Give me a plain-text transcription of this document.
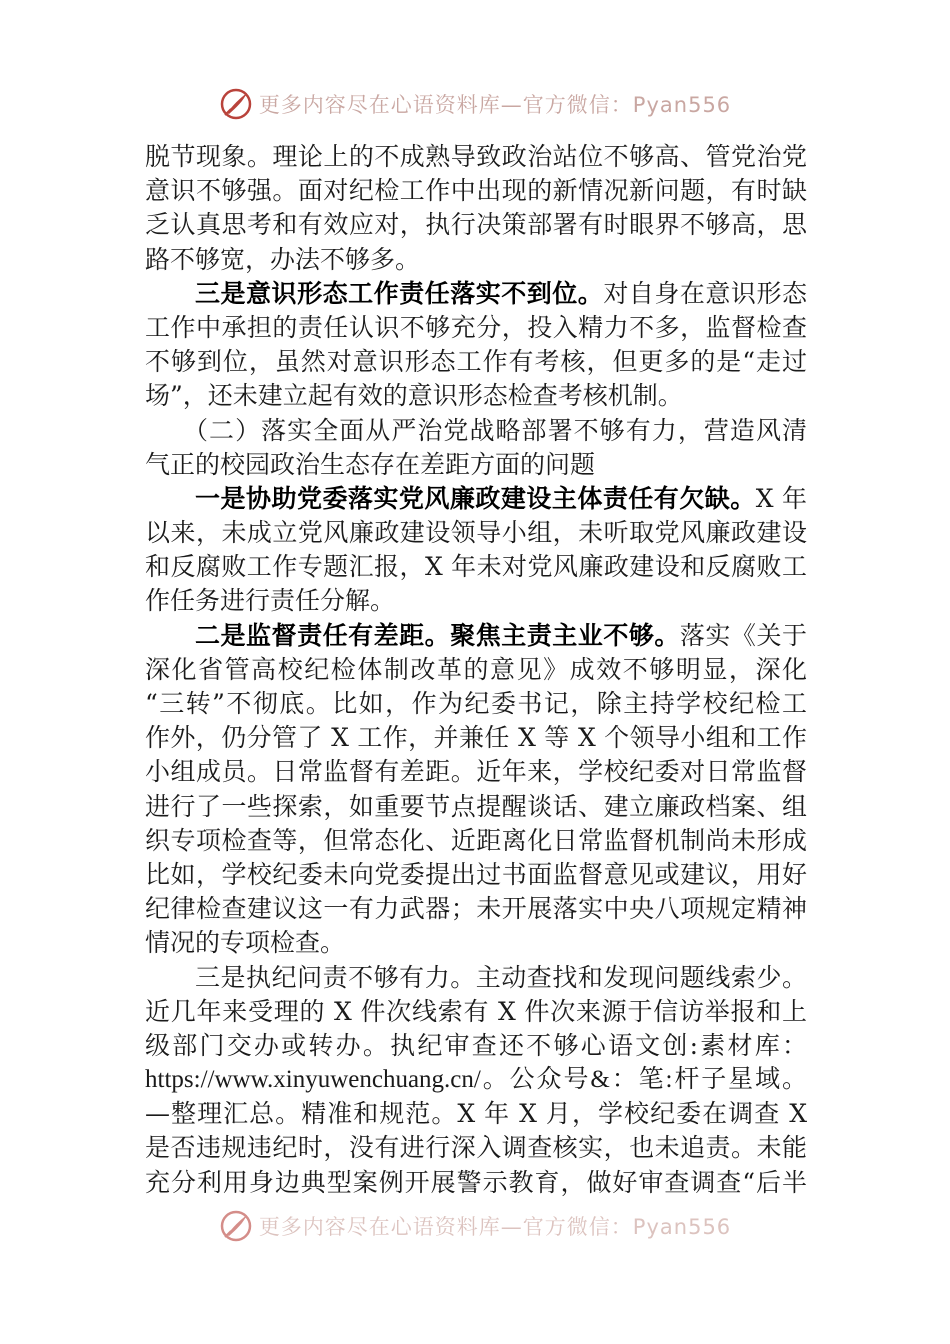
更多内容尽在心语资料库—官方微信：Pyan556
脱节现象。理论上的不成熟导致政治站位不够高、管党治党
意识不够强。面对纪检工作中出现的新情况新问题，有时缺
乏认真思考和有效应对，执行决策部署有时眼界不够高，思
路不够宽，办法不够多。
三是意识形态工作责任落实不到位。对自身在意识形态
工作中承担的责任认识不够充分，投入精力不多，监督检查
不够到位，虽然对意识形态工作有考核，但更多的是“走过
场”，还未建立起有效的意识形态检查考核机制。
（二）落实全面从严治党战略部署不够有力，营造风清
气正的校园政治生态存在差距方面的问题
一是协助党委落实党风廉政建设主体责任有欠缺。X 年
以来，未成立党风廉政建设领导小组，未听取党风廉政建设
和反腐败工作专题汇报，X 年未对党风廉政建设和反腐败工
作任务进行责任分解。
二是监督责任有差距。聚焦主责主业不够。落实《关于
深化省管高校纪检体制改革的意见》成效不够明显，深化
“三转”不彻底。比如，作为纪委书记，除主持学校纪检工
作外，仍分管了 X 工作，并兼任 X 等 X 个领导小组和工作
小组成员。日常监督有差距。近年来，学校纪委对日常监督
进行了一些探索，如重要节点提醒谈话、建立廉政档案、组
织专项检查等，但常态化、近距离化日常监督机制尚未形成
比如，学校纪委未向党委提出过书面监督意见或建议，用好
纪律检查建议这一有力武器；未开展落实中央八项规定精神
情况的专项检查。
三是执纪问责不够有力。主动查找和发现问题线索少。
近几年来受理的 X 件次线索有 X 件次来源于信访举报和上
级部门交办或转办。执纪审查还不够心语文创:素材库：
https://www.xinyuwenchuang.cn/。公众号&：笔:杆子星域。
—整理汇总。精准和规范。X 年 X 月，学校纪委在调查 X
是否违规违纪时，没有进行深入调查核实，也未追责。未能
充分利用身边典型案例开展警示教育，做好审查调查“后半
更多内容尽在心语资料库—官方微信：Pyan556
